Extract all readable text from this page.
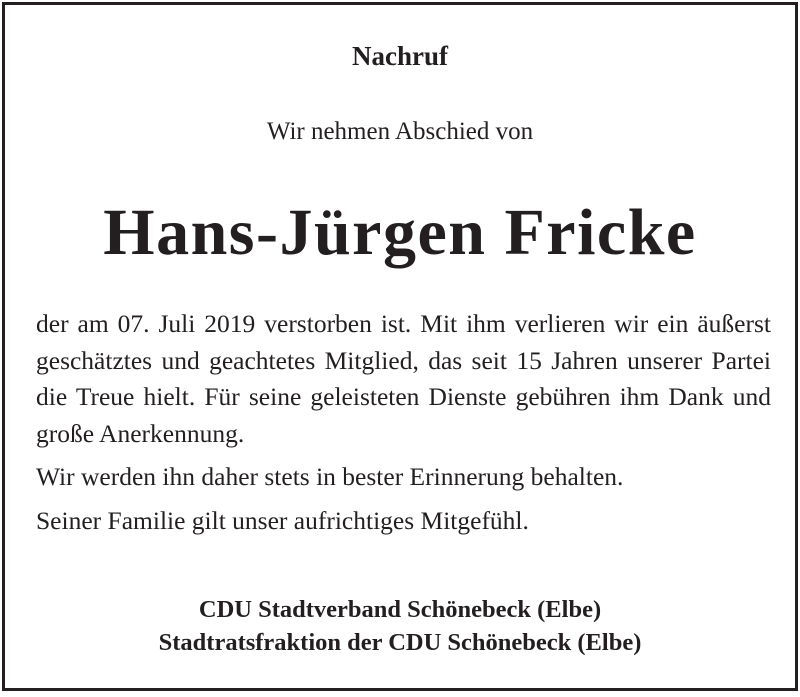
Nachruf
Wir nehmen Abschied von
Hans-Jürgen Fricke

der am 07. Juli 2019 verstorben ist. Mit ihm verlieren wir ein äußerst geschätztes und geachtetes Mitglied, das seit 15 Jahren unserer Partei die Treue hielt. Für seine geleisteten Dienste gebühren ihm Dank und große Anerkennung.

Wir werden ihn daher stets in bester Erinnerung behalten.

Seiner Familie gilt unser aufrichtiges Mitgefühl.

CDU Stadtverband Schönebeck (Elbe)
Stadtratsfraktion der CDU Schönebeck (Elbe)
